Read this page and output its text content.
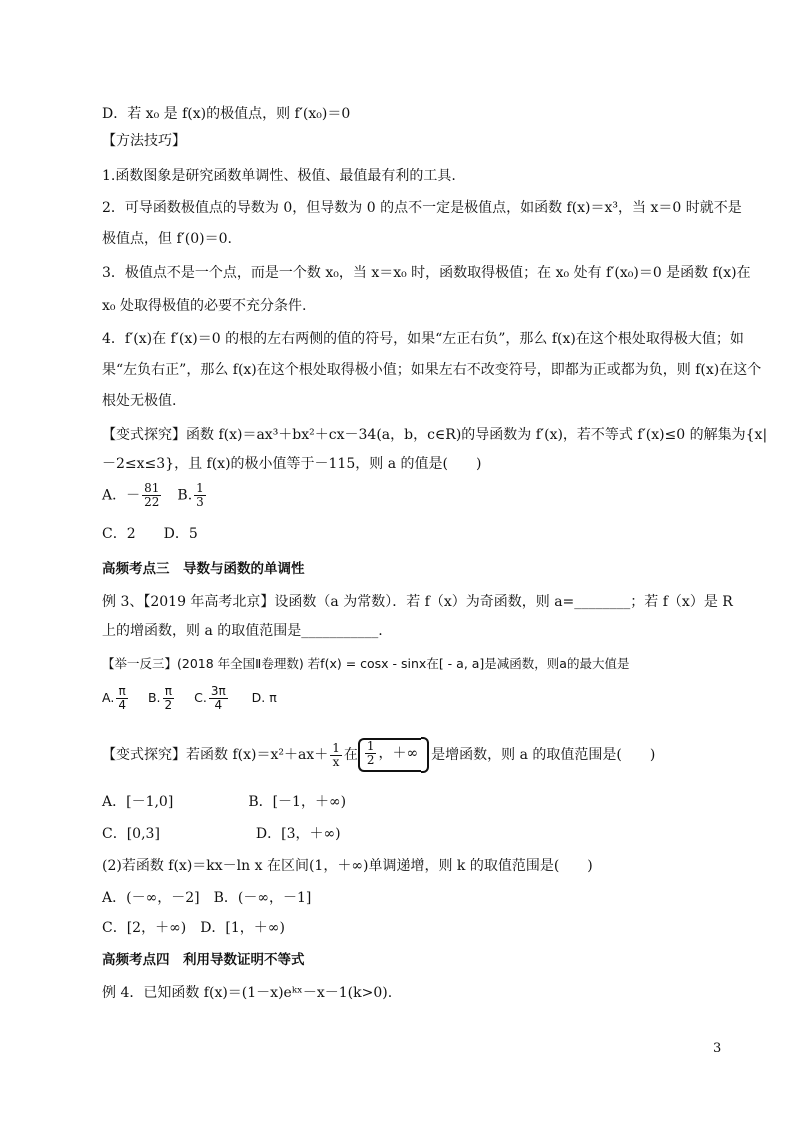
D．若 x₀ 是 f(x)的极值点，则 f′(x₀)＝0
【方法技巧】
1.函数图象是研究函数单调性、极值、最值最有利的工具.
2．可导函数极值点的导数为 0，但导数为 0 的点不一定是极值点，如函数 f(x)＝x³，当 x＝0 时就不是
极值点，但 f′(0)＝0.
3．极值点不是一个点，而是一个数 x₀，当 x＝x₀ 时，函数取得极值；在 x₀ 处有 f′(x₀)＝0 是函数 f(x)在
x₀ 处取得极值的必要不充分条件.
4．f′(x)在 f′(x)＝0 的根的左右两侧的值的符号，如果“左正右负”，那么 f(x)在这个根处取得极大值；如
果“左负右正”，那么 f(x)在这个根处取得极小值；如果左右不改变符号，即都为正或都为负，则 f(x)在这个
根处无极值.
【变式探究】函数 f(x)＝ax³＋bx²＋cx－34(a，b，c∈R)的导函数为 f′(x)，若不等式 f′(x)≤0 的解集为{x|
－2≤x≤3}，且 f(x)的极小值等于－115，则 a 的值是(　　)
A．－ $\frac{81}{22}$ 　B. $\frac{1}{3}$
C．2　　D．5
高频考点三　导数与函数的单调性
例 3、【2019 年高考北京】设函数（a 为常数）．若 f（x）为奇函数，则 a=________；若 f（x）是 R
上的增函数，则 a 的取值范围是___________.
【举一反三】(2018 年全国Ⅱ卷理数) 若f(x) = cosx - sinx在[ - a, a]是减函数，则a的最大值是
A. $\frac{\pi}{4} B$. $\frac{\pi}{2} C$. $\frac{3\pi}{4} D$. π
【变式探究】若函数 $f(x)=x^2+ax+ \frac{1}{x}$ 在 $\frac{1}{2}$ ，＋∞ 是增函数，则 a 的取值范围是(　　)
A．[－1,0]	B．[－1，＋∞)
C．[0,3]	D．[3，＋∞)
(2)若函数 f(x)＝kx－ln x 在区间(1，＋∞)单调递增，则 k 的取值范围是(　　)
A．(－∞，－2]　B．(－∞，－1]
C．[2，＋∞)　D．[1，＋∞)
高频考点四　利用导数证明不等式
例 4．已知函数 f(x)＝(1－x)eᵏˣ－x－1(k>0).
3
